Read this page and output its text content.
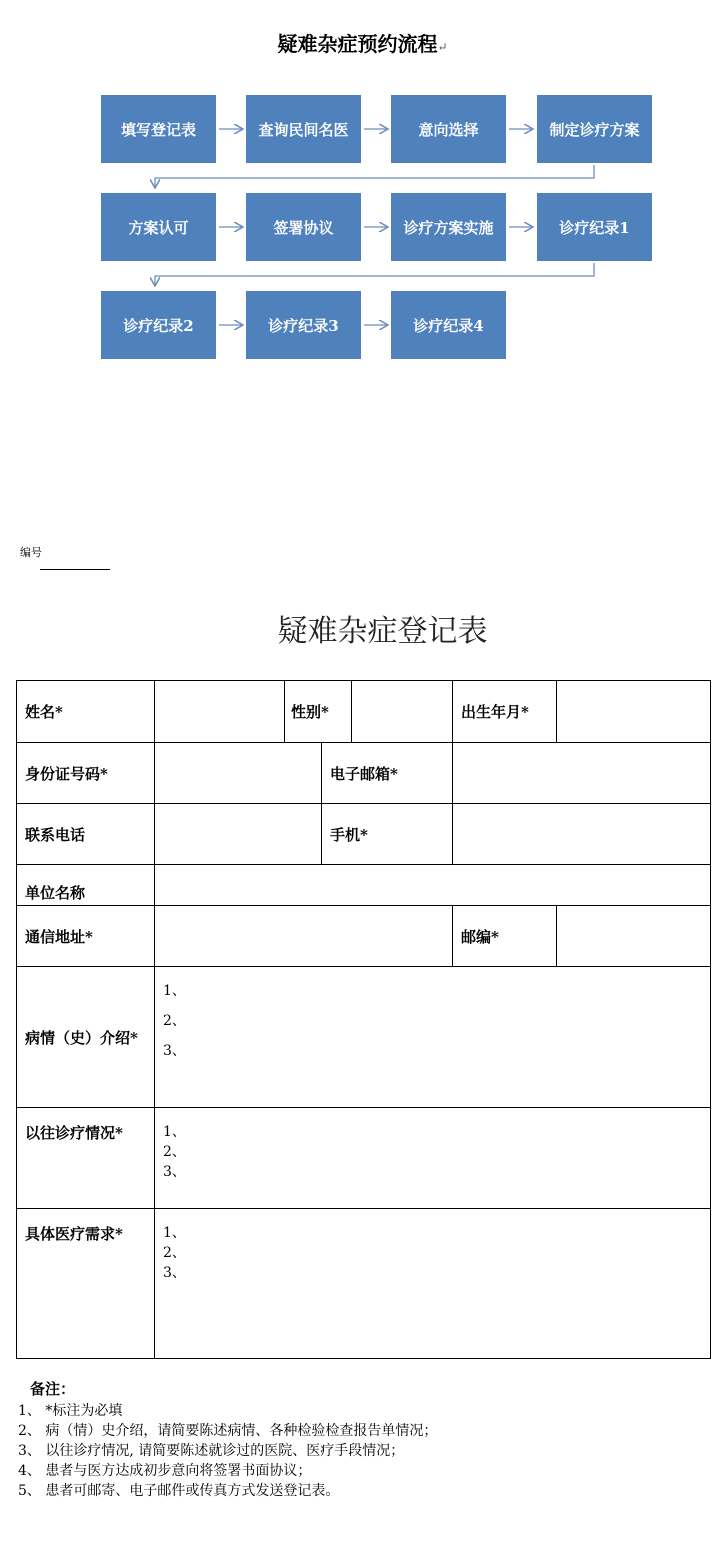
疑难杂症预约流程↵
填写登记表	查询民间名医	意向选择	制定诊疗方案
方案认可	签署协议	诊疗方案实施	诊疗纪录1
诊疗纪录2	诊疗纪录3	诊疗纪录4
编号
疑难杂症登记表
姓名*		性别*		出生年月*	
身份证号码*			电子邮箱*		
联系电话			手机*		
单位名称					
通信地址*				邮编*	
病情（史）介绍*	1、
2、
3、				

以往诊疗情况*	1、
2、
3、				

具体医疗需求*	1、
2、
3、				
备注：
1、 *标注为必填
2、 病（情）史介绍，请简要陈述病情、各种检验检查报告单情况；
3、 以往诊疗情况, 请简要陈述就诊过的医院、医疗手段情况；
4、 患者与医方达成初步意向将签署书面协议；
5、 患者可邮寄、电子邮件或传真方式发送登记表。
